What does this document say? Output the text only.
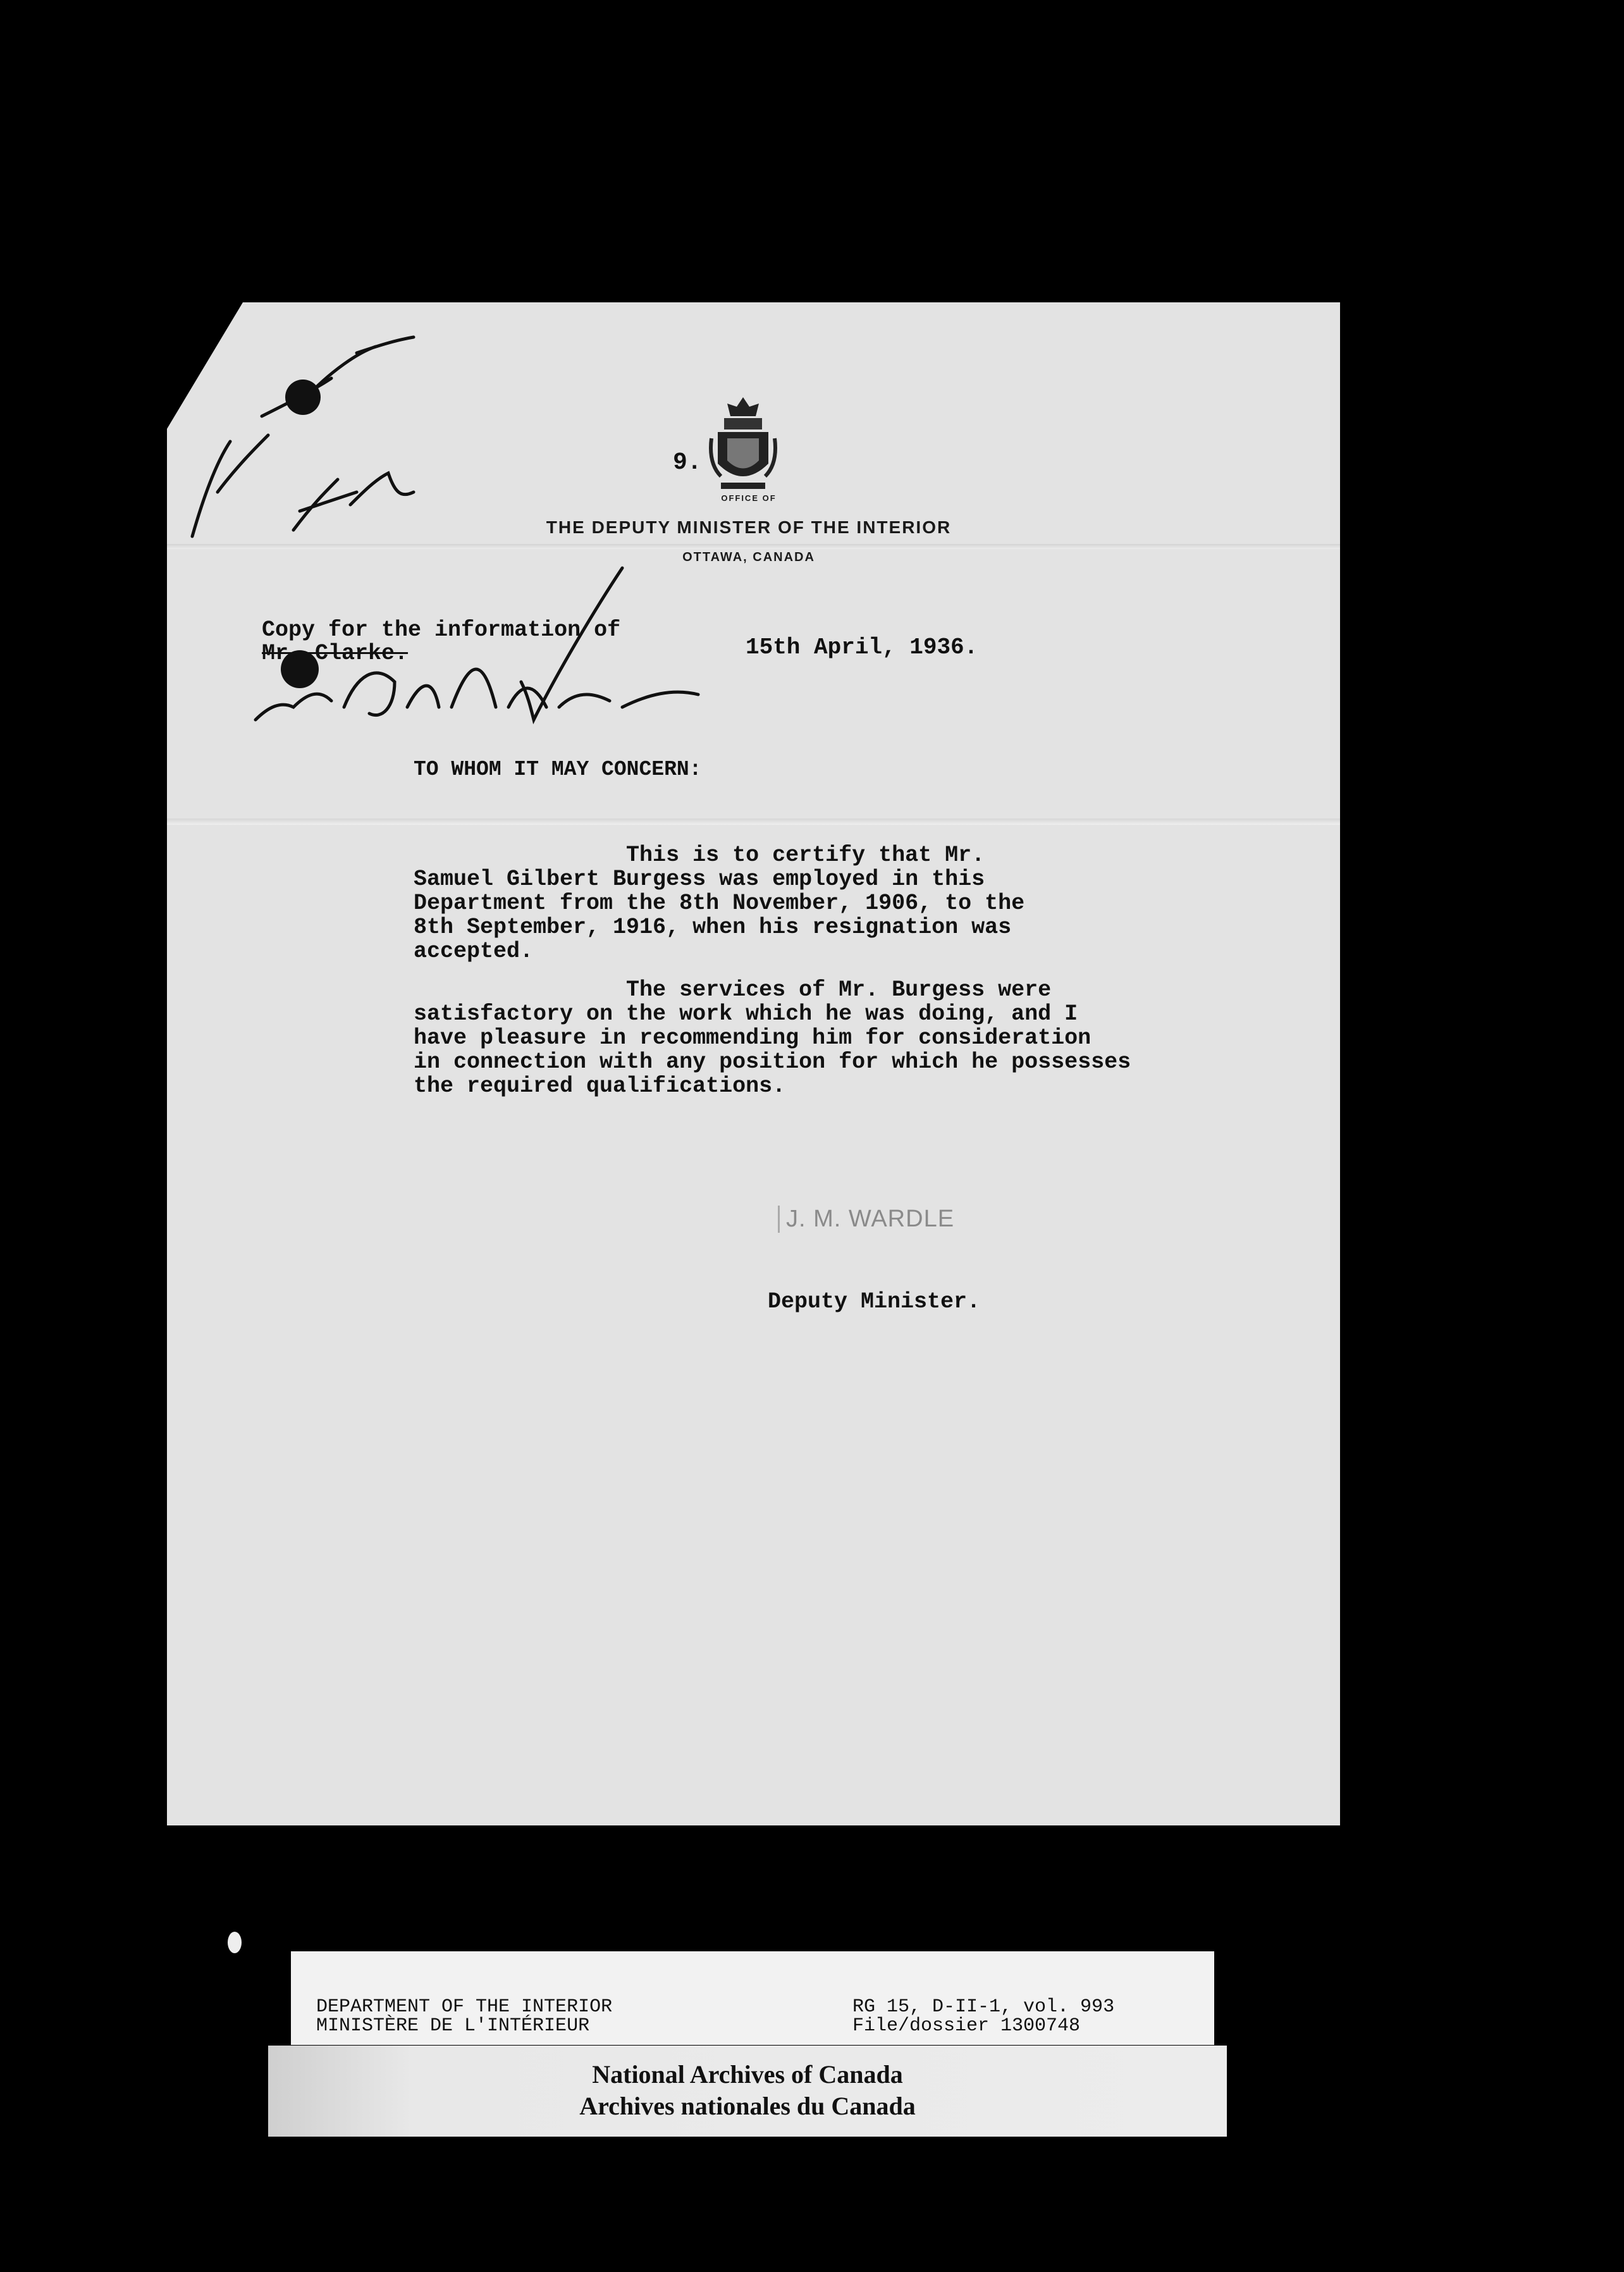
9.
OFFICE OF
THE DEPUTY MINISTER OF THE INTERIOR
OTTAWA, CANADA
Copy for the information of
Mr. Clarke.	15th April, 1936.
TO WHOM IT MAY CONCERN:
This is to certify that Mr.
Samuel Gilbert Burgess was employed in this
Department from the 8th November, 1906, to the
8th September, 1916, when his resignation was
accepted.
The services of Mr. Burgess were
satisfactory on the work which he was doing, and I
have pleasure in recommending him for consideration
in connection with any position for which he possesses
the required qualifications.
J. M. WARDLE
Deputy Minister.
DEPARTMENT OF THE INTERIOR
MINISTÈRE DE L'INTÉRIEUR
RG 15, D-II-1, vol. 993
File/dossier 1300748
National Archives of Canada
Archives nationales du Canada
